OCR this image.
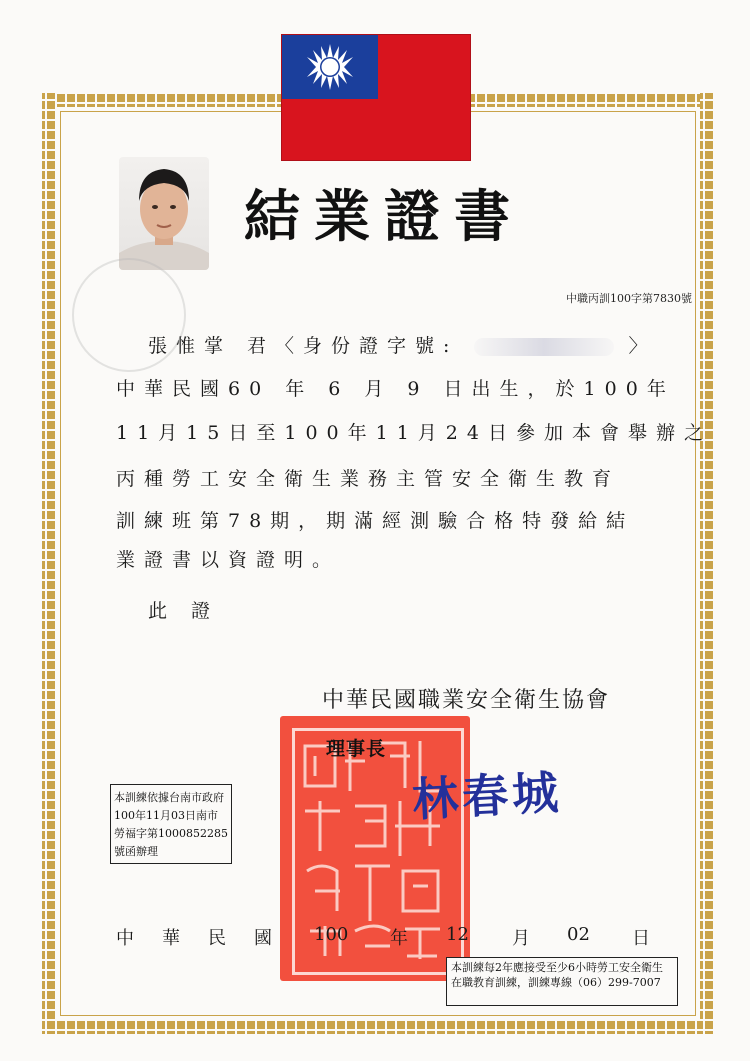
結業證書
中職丙訓100字第7830號
張惟掌 君〈身份證字號:	〉
中華民國60 年 6 月 9 日出生，於100年
11月15日至100年11月24日參加本會舉辦之
丙種勞工安全衛生業務主管安全衛生教育
訓練班第78期，期滿經測驗合格特發給結
業證書以資證明。
此 證
中華民國職業安全衛生協會
理事長
林春城
本訓練依據台南市政府100年11月03日南市勞福字第1000852285號函辦理
中 華 民 國 100 年 12 月 02 日
本訓練每2年應接受至少6小時勞工安全衛生在職教育訓練，訓練專線（06）299-7007
